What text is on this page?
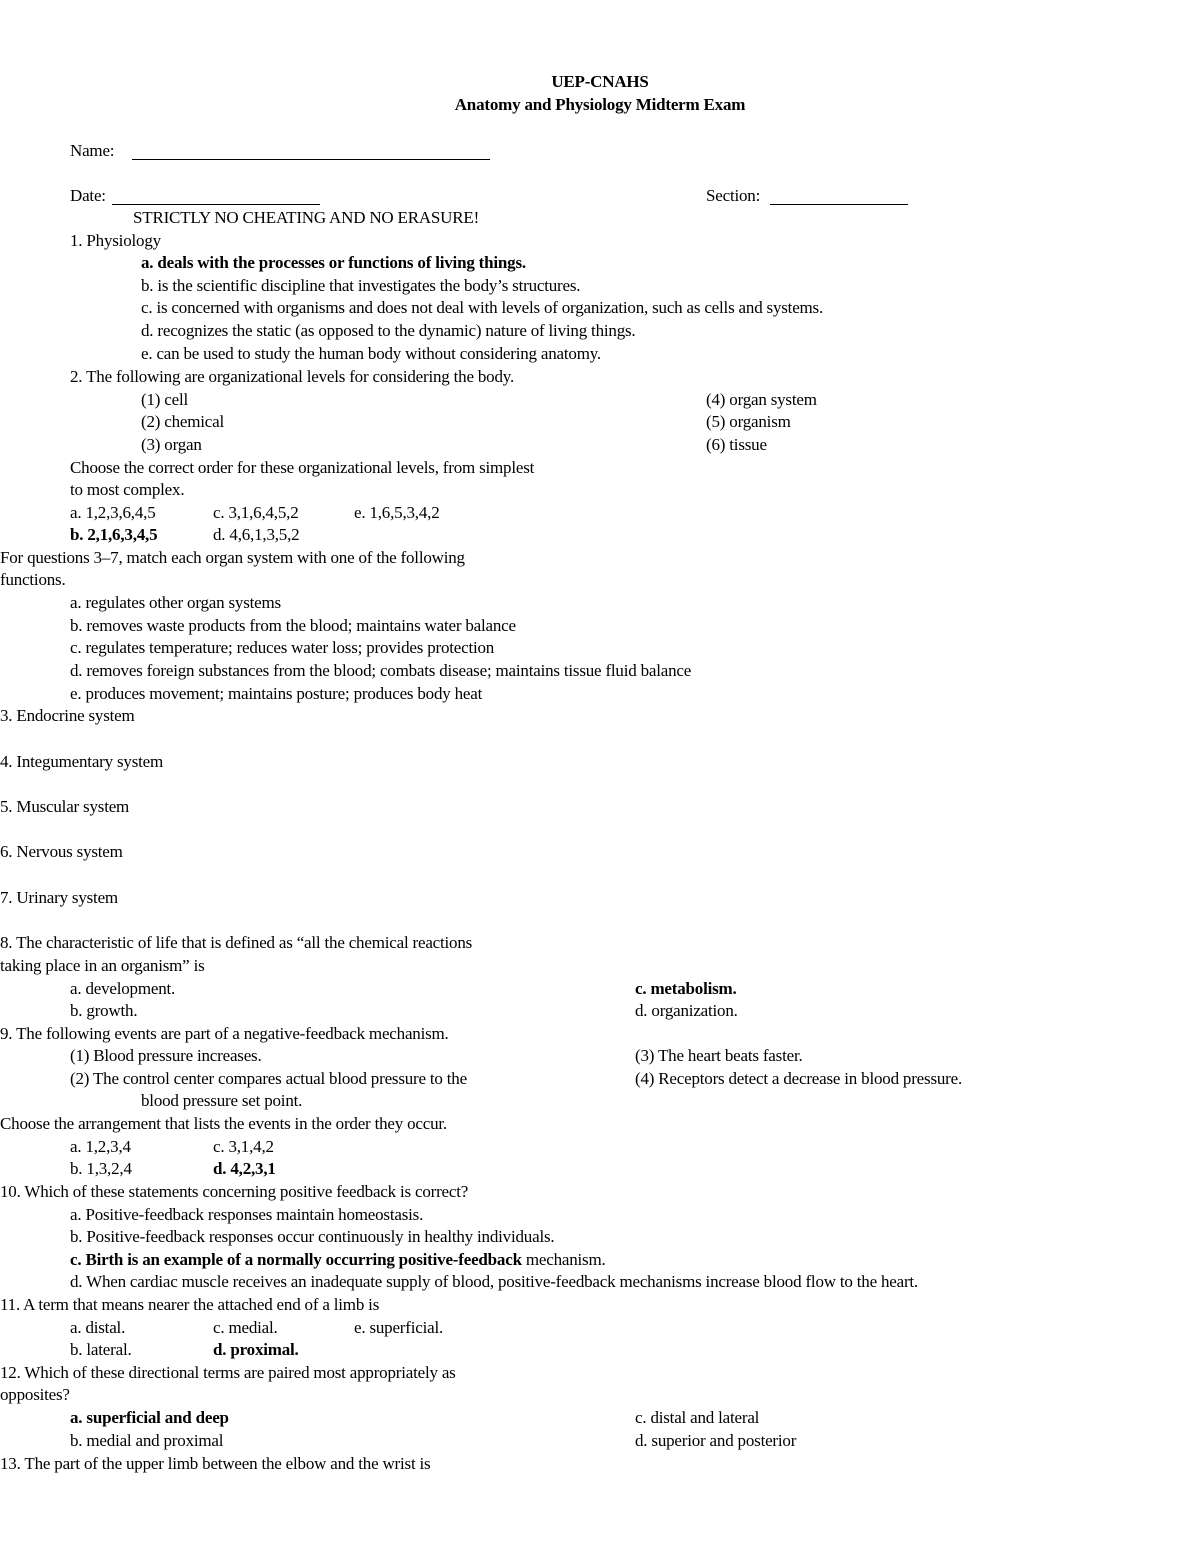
UEP-CNAHS
Anatomy and Physiology Midterm Exam
Name:
Date:	Section:
STRICTLY NO CHEATING AND NO ERASURE!
1. Physiology
a. deals with the processes or functions of living things.
b. is the scientific discipline that investigates the body’s structures.
c. is concerned with organisms and does not deal with levels of organization, such as cells and systems.
d. recognizes the static (as opposed to the dynamic) nature of living things.
e. can be used to study the human body without considering anatomy.
2. The following are organizational levels for considering the body.
(1) cell
(2) chemical
(3) organ
(4) organ system
(5) organism
(6) tissue
Choose the correct order for these organizational levels, from simplest
to most complex.
a. 1,2,3,6,4,5	c. 3,1,6,4,5,2	e. 1,6,5,3,4,2
b. 2,1,6,3,4,5	d. 4,6,1,3,5,2
For questions 3–7, match each organ system with one of the following
functions.
a. regulates other organ systems
b. removes waste products from the blood; maintains water balance
c. regulates temperature; reduces water loss; provides protection
d. removes foreign substances from the blood; combats disease; maintains tissue fluid balance
e. produces movement; maintains posture; produces body heat
3. Endocrine system
4. Integumentary system
5. Muscular system
6. Nervous system
7. Urinary system
8. The characteristic of life that is defined as “all the chemical reactions
taking place in an organism” is
a. development.	c. metabolism.
b. growth.	d. organization.
9. The following events are part of a negative-feedback mechanism.
(1) Blood pressure increases.	(3) The heart beats faster.
(2) The control center compares actual blood pressure to the	(4) Receptors detect a decrease in blood pressure.
blood pressure set point.
Choose the arrangement that lists the events in the order they occur.
a. 1,2,3,4	c. 3,1,4,2
b. 1,3,2,4	d. 4,2,3,1
10. Which of these statements concerning positive feedback is correct?
a. Positive-feedback responses maintain homeostasis.
b. Positive-feedback responses occur continuously in healthy individuals.
c. Birth is an example of a normally occurring positive-feedback mechanism.
d. When cardiac muscle receives an inadequate supply of blood, positive-feedback mechanisms increase blood flow to the heart.
11. A term that means nearer the attached end of a limb is
a. distal.	c. medial.	e. superficial.
b. lateral.	d. proximal.
12. Which of these directional terms are paired most appropriately as
opposites?
a. superficial and deep	c. distal and lateral
b. medial and proximal	d. superior and posterior
13. The part of the upper limb between the elbow and the wrist is
